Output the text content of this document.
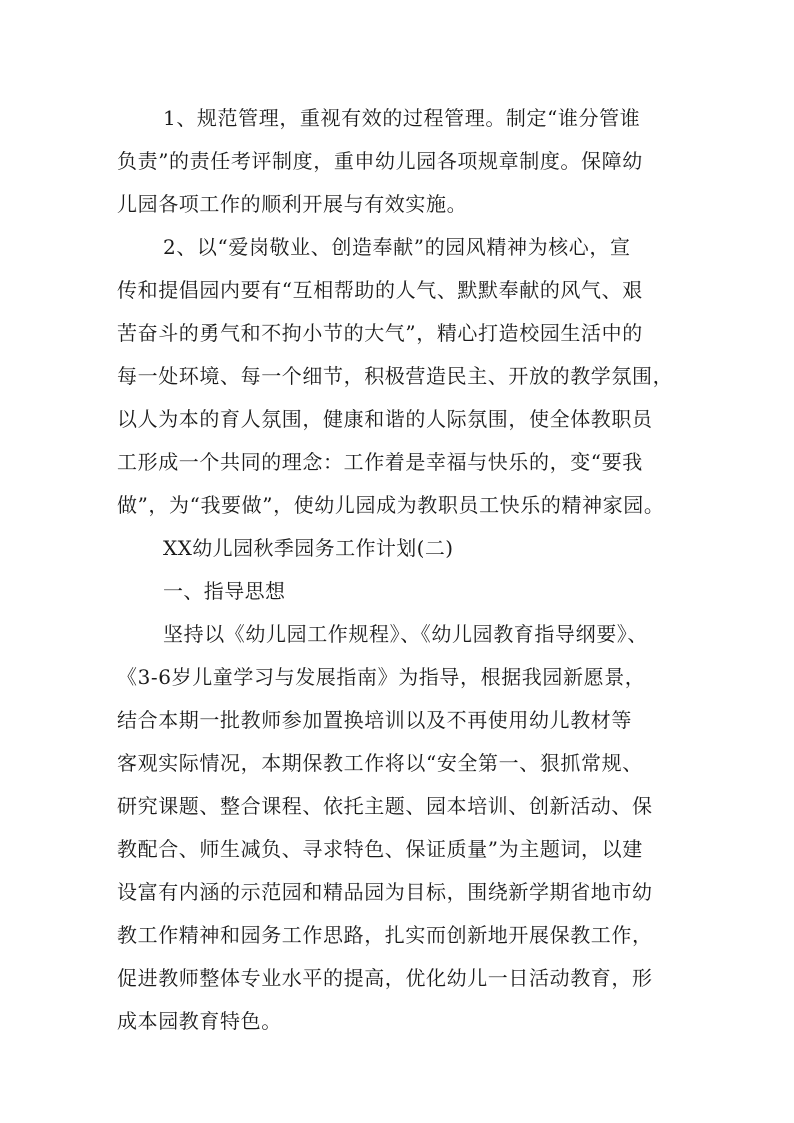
1、规范管理，重视有效的过程管理。制定“谁分管谁
负责”的责任考评制度，重申幼儿园各项规章制度。保障幼
儿园各项工作的顺利开展与有效实施。
2、以“爱岗敬业、创造奉献”的园风精神为核心，宣
传和提倡园内要有“互相帮助的人气、默默奉献的风气、艰
苦奋斗的勇气和不拘小节的大气”，精心打造校园生活中的
每一处环境、每一个细节，积极营造民主、开放的教学氛围，
以人为本的育人氛围，健康和谐的人际氛围，使全体教职员
工形成一个共同的理念：工作着是幸福与快乐的，变“要我
做”，为“我要做”，使幼儿园成为教职员工快乐的精神家园。
XX幼儿园秋季园务工作计划(二)
一、指导思想
坚持以《幼儿园工作规程》、《幼儿园教育指导纲要》、
《3-6岁儿童学习与发展指南》为指导，根据我园新愿景，
结合本期一批教师参加置换培训以及不再使用幼儿教材等
客观实际情况，本期保教工作将以“安全第一、狠抓常规、
研究课题、整合课程、依托主题、园本培训、创新活动、保
教配合、师生减负、寻求特色、保证质量”为主题词，以建
设富有内涵的示范园和精品园为目标，围绕新学期省地市幼
教工作精神和园务工作思路，扎实而创新地开展保教工作，
促进教师整体专业水平的提高，优化幼儿一日活动教育，形
成本园教育特色。
